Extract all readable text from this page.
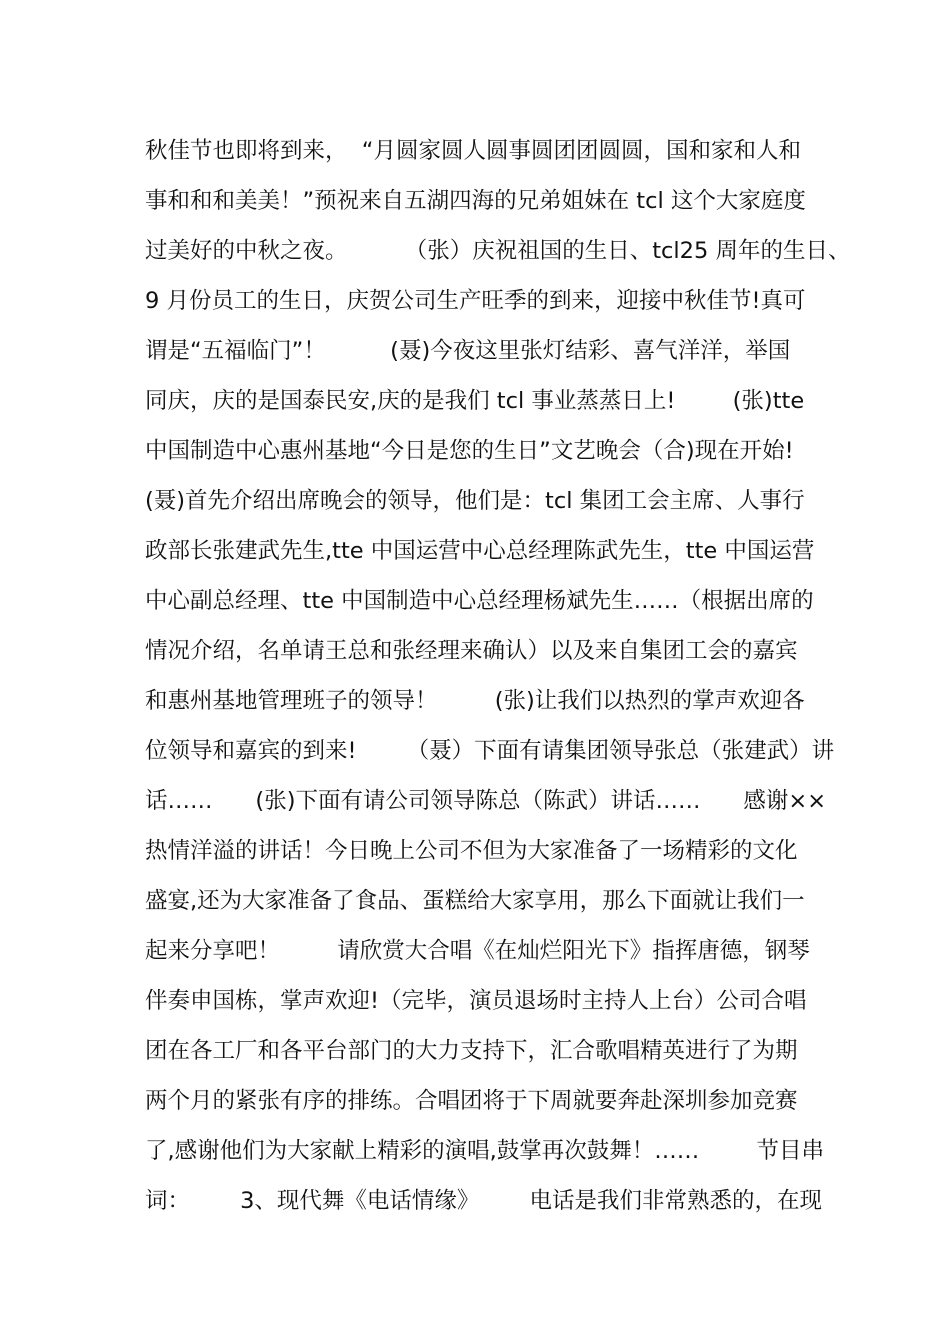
秋佳节也即将到来，  “月圆家圆人圆事圆团团圆圆，国和家和人和
事和和和美美！”预祝来自五湖四海的兄弟姐妹在 tcl 这个大家庭度
过美好的中秋之夜。        （张）庆祝祖国的生日、tcl25 周年的生日、
9 月份员工的生日，庆贺公司生产旺季的到来，迎接中秋佳节!真可
谓是“五福临门”！         (聂)今夜这里张灯结彩、喜气洋洋，举国
同庆，庆的是国泰民安,庆的是我们 tcl 事业蒸蒸日上!        (张)tte
中国制造中心惠州基地“今日是您的生日”文艺晚会（合)现在开始!
(聂)首先介绍出席晚会的领导，他们是：tcl 集团工会主席、人事行
政部长张建武先生,tte 中国运营中心总经理陈武先生，tte 中国运营
中心副总经理、tte 中国制造中心总经理杨斌先生……（根据出席的
情况介绍，名单请王总和张经理来确认）以及来自集团工会的嘉宾
和惠州基地管理班子的领导！        (张)让我们以热烈的掌声欢迎各
位领导和嘉宾的到来!       （聂）下面有请集团领导张总（张建武）讲
话……      (张)下面有请公司领导陈总（陈武）讲话……      感谢××
热情洋溢的讲话！今日晚上公司不但为大家准备了一场精彩的文化
盛宴,还为大家准备了食品、蛋糕给大家享用，那么下面就让我们一
起来分享吧！        请欣赏大合唱《在灿烂阳光下》指挥唐德，钢琴
伴奏申国栋，掌声欢迎!（完毕，演员退场时主持人上台）公司合唱
团在各工厂和各平台部门的大力支持下，汇合歌唱精英进行了为期
两个月的紧张有序的排练。合唱团将于下周就要奔赴深圳参加竞赛
了,感谢他们为大家献上精彩的演唱,鼓掌再次鼓舞！……        节目串
词：       3、现代舞《电话情缘》       电话是我们非常熟悉的，在现
